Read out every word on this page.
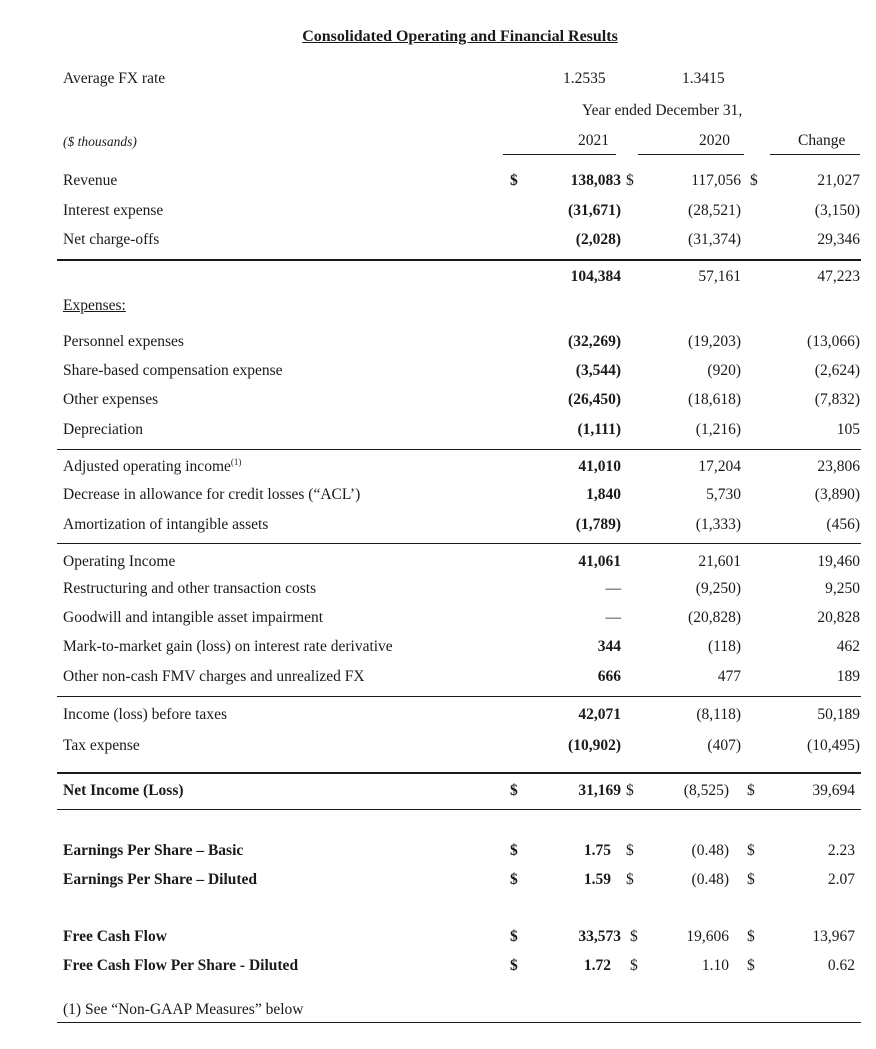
Consolidated Operating and Financial Results
Average FX rate	1.2535	1.3415
Year ended December 31,
($ thousands)	2021	2020	Change
Revenue	$	138,083 $	117,056 $	21,027
Interest expense	(31,671)	(28,521)	(3,150)
Net charge-offs	(2,028)	(31,374)	29,346
104,384	57,161	47,223
Expenses:
Personnel expenses	(32,269)	(19,203)	(13,066)
Share-based compensation expense	(3,544)	(920)	(2,624)
Other expenses	(26,450)	(18,618)	(7,832)
Depreciation	(1,111)	(1,216)	105
Adjusted operating income$^{(1)}$	41,010	17,204	23,806
Decrease in allowance for credit losses (“ACL’)	1,840	5,730	(3,890)
Amortization of intangible assets	(1,789)	(1,333)	(456)
Operating Income	41,061	21,601	19,460
Restructuring and other transaction costs	—	(9,250)	9,250
Goodwill and intangible asset impairment	—	(20,828)	20,828
Mark-to-market gain (loss) on interest rate derivative	344	(118)	462
Other non-cash FMV charges and unrealized FX	666	477	189
Income (loss) before taxes	42,071	(8,118)	50,189
Tax expense	(10,902)	(407)	(10,495)
Net Income (Loss)	$	31,169 $	(8,525) $	39,694
Earnings Per Share – Basic	$	1.75 $	(0.48) $	2.23
Earnings Per Share – Diluted	$	1.59 $	(0.48) $	2.07
Free Cash Flow	$	33,573 $	19,606 $	13,967
Free Cash Flow Per Share - Diluted	$	1.72 $	1.10 $	0.62
(1) See “Non-GAAP Measures” below
